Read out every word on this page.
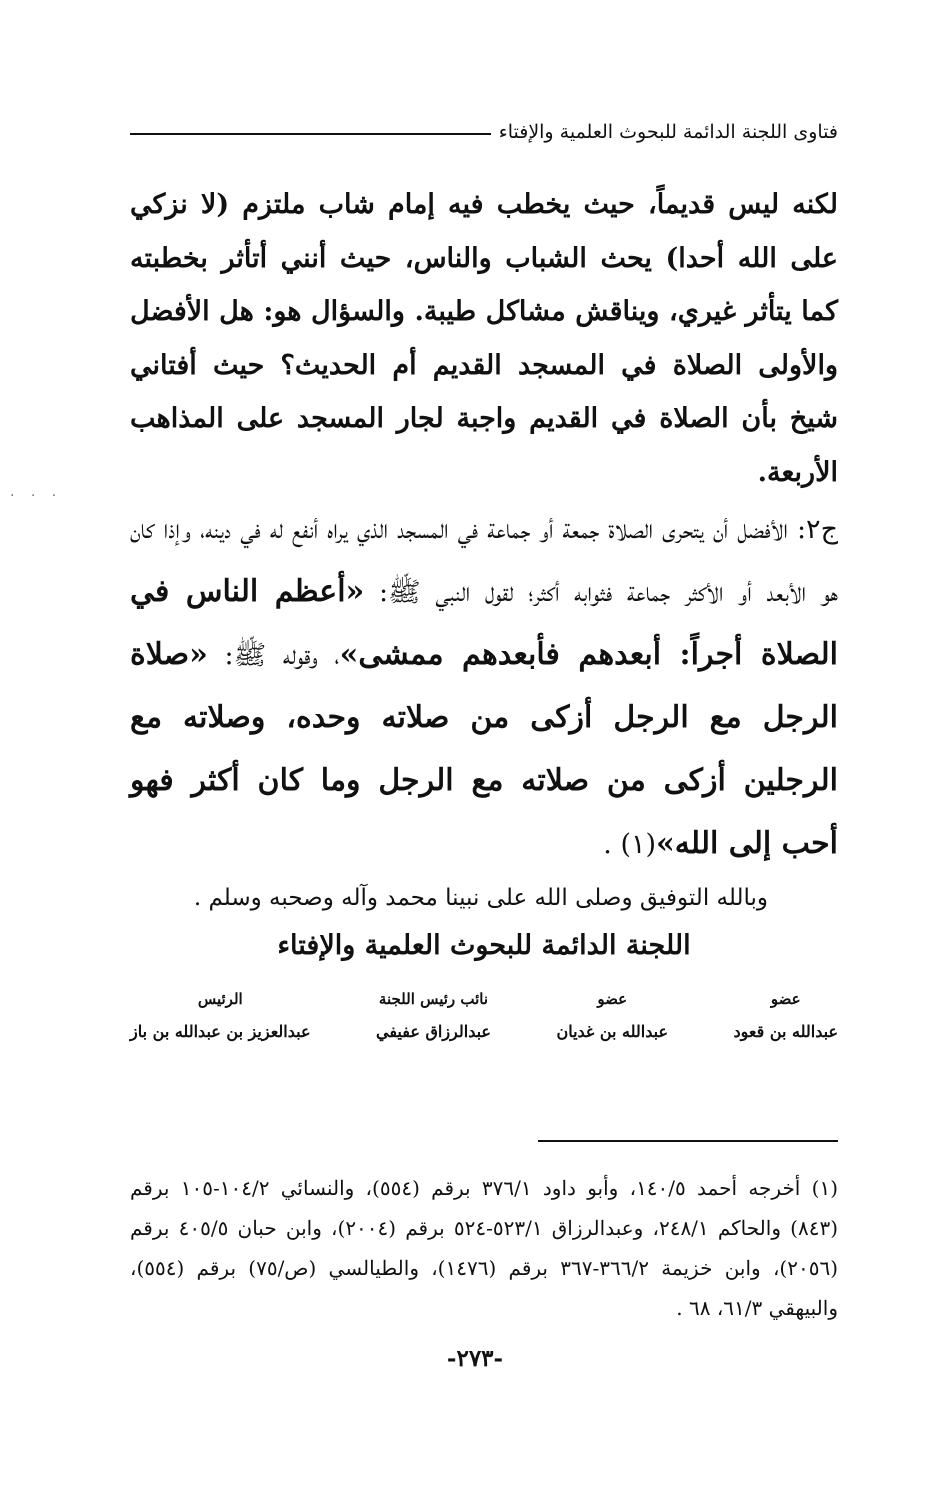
فتاوى اللجنة الدائمة للبحوث العلمية والإفتاء
· · ·

لكنه ليس قديماً، حيث يخطب فيه إمام شاب ملتزم (لا نزكي على الله أحدا) يحث الشباب والناس، حيث أنني أتأثر بخطبته كما يتأثر غيري، ويناقش مشاكل طيبة. والسؤال هو: هل الأفضل والأولى الصلاة في المسجد القديم أم الحديث؟ حيث أفتاني شيخ بأن الصلاة في القديم واجبة لجار المسجد على المذاهب الأربعة.

ج٢: الأفضل أن يتحرى الصلاة جمعة أو جماعة في المسجد الذي يراه أنفع له في دينه، وإذا كان هو الأبعد أو الأكثر جماعة فثوابه أكثر؛ لقول النبي ﷺ: «أعظم الناس في الصلاة أجراً: أبعدهم فأبعدهم ممشى»، وقوله ﷺ: «صلاة الرجل مع الرجل أزكى من صلاته وحده، وصلاته مع الرجلين أزكى من صلاته مع الرجل وما كان أكثر فهو أحب إلى الله»(١) .

وبالله التوفيق وصلى الله على نبينا محمد وآله وصحبه وسلم .

اللجنة الدائمة للبحوث العلمية والإفتاء
عضو
عبدالله بن قعود
عضو
عبدالله بن غديان
نائب رئيس اللجنة
عبدالرزاق عفيفي
الرئيس
عبدالعزيز بن عبدالله بن باز

(١) أخرجه أحمد ١٤٠/٥، وأبو داود ٣٧٦/١ برقم (٥٥٤)، والنسائي ١٠٤/٢-١٠٥ برقم (٨٤٣) والحاكم ٢٤٨/١، وعبدالرزاق ٥٢٣/١-٥٢٤ برقم (٢٠٠٤)، وابن حبان ٤٠٥/٥ برقم (٢٠٥٦)، وابن خزيمة ٣٦٦/٢-٣٦٧ برقم (١٤٧٦)، والطيالسي (ص/٧٥) برقم (٥٥٤)، والبيهقي ٦١/٣، ٦٨ .

-٢٧٣-
